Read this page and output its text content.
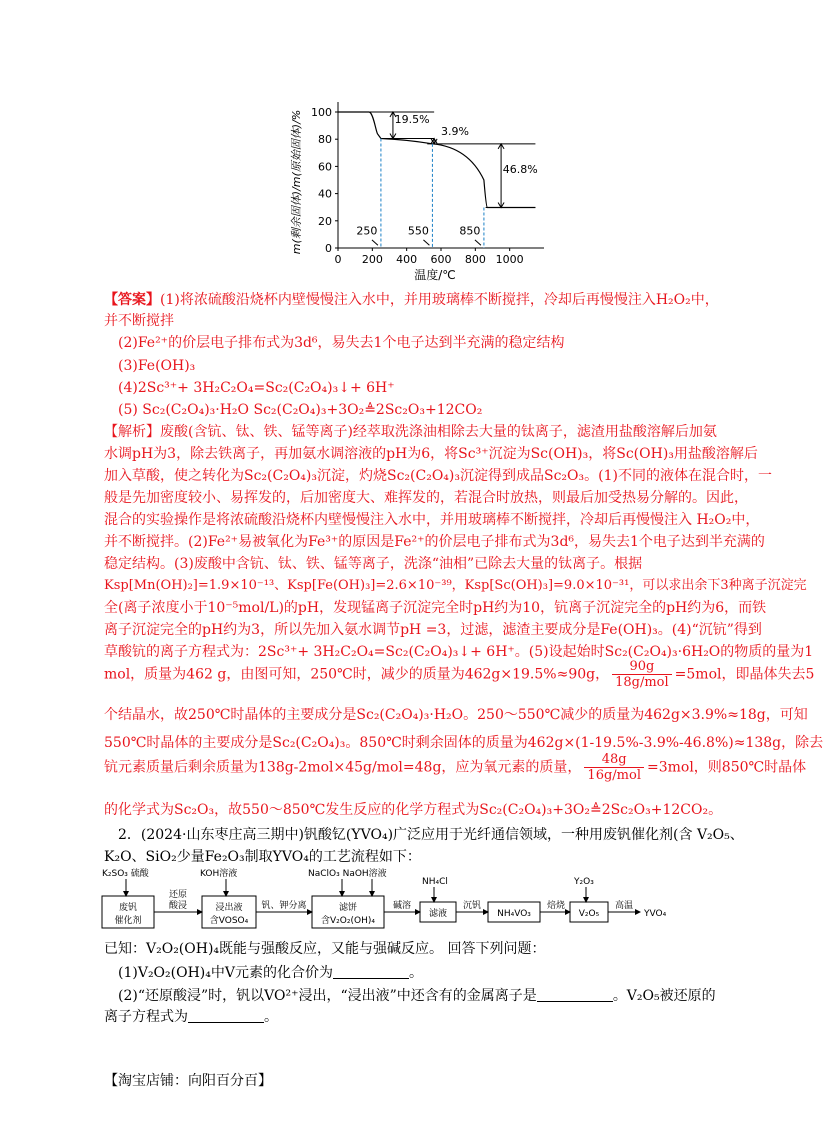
0 200 400 600 800 1000
0
20
40
60
80
100
19.5%
3.9%
46.8%
250	550	850
m(剩余固体)/m(原始固体)/%
温度/℃
【答案】(1)将浓硫酸沿烧杯内壁慢慢注入水中，并用玻璃棒不断搅拌，冷却后再慢慢注入H₂O₂中，
并不断搅拌
(2)Fe²⁺的价层电子排布式为3d⁶，易失去1个电子达到半充满的稳定结构
(3)Fe(OH)₃
(4)2Sc³⁺+ 3H₂C₂O₄=Sc₂(C₂O₄)₃↓+ 6H⁺
(5) Sc₂(C₂O₄)₃·H₂O Sc₂(C₂O₄)₃+3O₂≜2Sc₂O₃+12CO₂
【解析】废酸(含钪、钛、铁、锰等离子)经萃取洗涤油相除去大量的钛离子，滤渣用盐酸溶解后加氨
水调pH为3，除去铁离子，再加氨水调溶液的pH为6，将Sc³⁺沉淀为Sc(OH)₃，将Sc(OH)₃用盐酸溶解后
加入草酸，使之转化为Sc₂(C₂O₄)₃沉淀，灼烧Sc₂(C₂O₄)₃沉淀得到成品Sc₂O₃。(1)不同的液体在混合时，一
般是先加密度较小、易挥发的，后加密度大、难挥发的，若混合时放热，则最后加受热易分解的。因此，
混合的实验操作是将浓硫酸沿烧杯内壁慢慢注入水中，并用玻璃棒不断搅拌，冷却后再慢慢注入 H₂O₂中，
并不断搅拌。(2)Fe²⁺易被氧化为Fe³⁺的原因是Fe²⁺的价层电子排布式为3d⁶，易失去1个电子达到半充满的
稳定结构。(3)废酸中含钪、钛、铁、锰等离子，洗涤“油相”已除去大量的钛离子。根据
Ksp[Mn(OH)₂]=1.9×10⁻¹³、Ksp[Fe(OH)₃]=2.6×10⁻³⁹，Ksp[Sc(OH)₃]=9.0×10⁻³¹，可以求出余下3种离子沉淀完
全(离子浓度小于10⁻⁵mol/L)的pH，发现锰离子沉淀完全时pH约为10，钪离子沉淀完全的pH约为6，而铁
离子沉淀完全的pH约为3，所以先加入氨水调节pH =3，过滤，滤渣主要成分是Fe(OH)₃。(4)“沉钪”得到
草酸钪的离子方程式为：2Sc³⁺+ 3H₂C₂O₄=Sc₂(C₂O₄)₃↓+ 6H⁺。(5)设起始时Sc₂(C₂O₄)₃·6H₂O的物质的量为1
mol，质量为462 g，由图可知，250℃时，减少的质量为462g×19.5%≈90g， $\frac{90g}{\text{18g/mol}} =5mol$，即晶体失去5
个结晶水，故250℃时晶体的主要成分是Sc₂(C₂O₄)₃·H₂O。250～550℃减少的质量为462g×3.9%≈18g，可知
550℃时晶体的主要成分是Sc₂(C₂O₄)₃。850℃时剩余固体的质量为462g×(1-19.5%-3.9%-46.8%)≈138g，除去
钪元素质量后剩余质量为138g-2mol×45g/mol=48g，应为氧元素的质量， $\frac{48g}{\text{16g/mol}} =3mol$，则850℃时晶体
的化学式为Sc₂O₃，故550～850℃发生反应的化学方程式为Sc₂(C₂O₄)₃+3O₂≜2Sc₂O₃+12CO₂。
2．(2024·山东枣庄高三期中)钒酸钇(YVO₄)广泛应用于光纤通信领域，一种用废钒催化剂(含 V₂O₅、
K₂O、SiO₂少量Fe₂O₃制取YVO₄的工艺流程如下：
K₂SO₃ 硫酸
废钒
催化剂
还原
酸浸
KOH溶液
浸出液
含VOSO₄
钒、钾分离
NaClO₃ NaOH溶液
滤饼
含V₂O₂(OH)₄
碱溶
NH₄Cl
滤液
沉钒
NH₄VO₃
焙烧
Y₂O₃
V₂O₅
高温
YVO₄
已知：V₂O₂(OH)₄既能与强酸反应，又能与强碱反应。 回答下列问题：
(1)V₂O₂(OH)₄中V元素的化合价为	。
(2)“还原酸浸”时，钒以VO²⁺浸出，“浸出液”中还含有的金属离子是	。V₂O₅被还原的
离子方程式为	。
【淘宝店铺：向阳百分百】
